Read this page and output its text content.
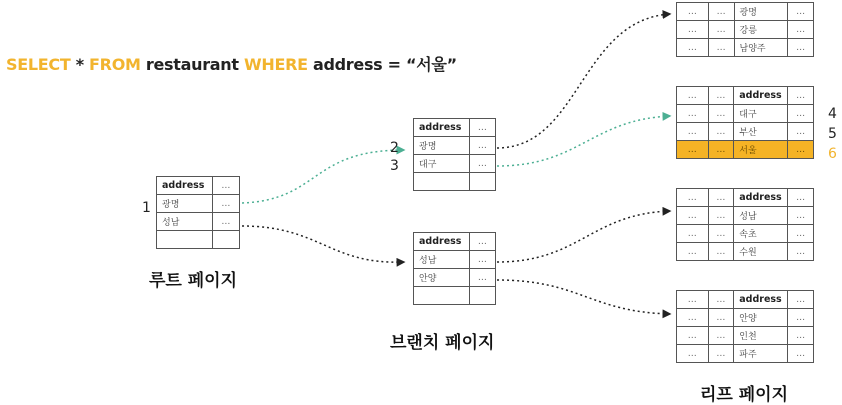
SELECT * FROM restaurant WHERE address = “서울”
1
address	…
광명	…
성남	…

루트 페이지
2
3
address	…
광명	…
대구	…

address	…
성남	…
안양	…

브랜치 페이지
…	…	광명	…
…	…	강릉	…
…	…	남양주	…
…	…	address	…
…	…	대구	…
…	…	부산	…
…	…	서울	…
4
5
6
…	…	address	…
…	…	성남	…
…	…	속초	…
…	…	수원	…
…	…	address	…
…	…	안양	…
…	…	인천	…
…	…	파주	…
리프 페이지
